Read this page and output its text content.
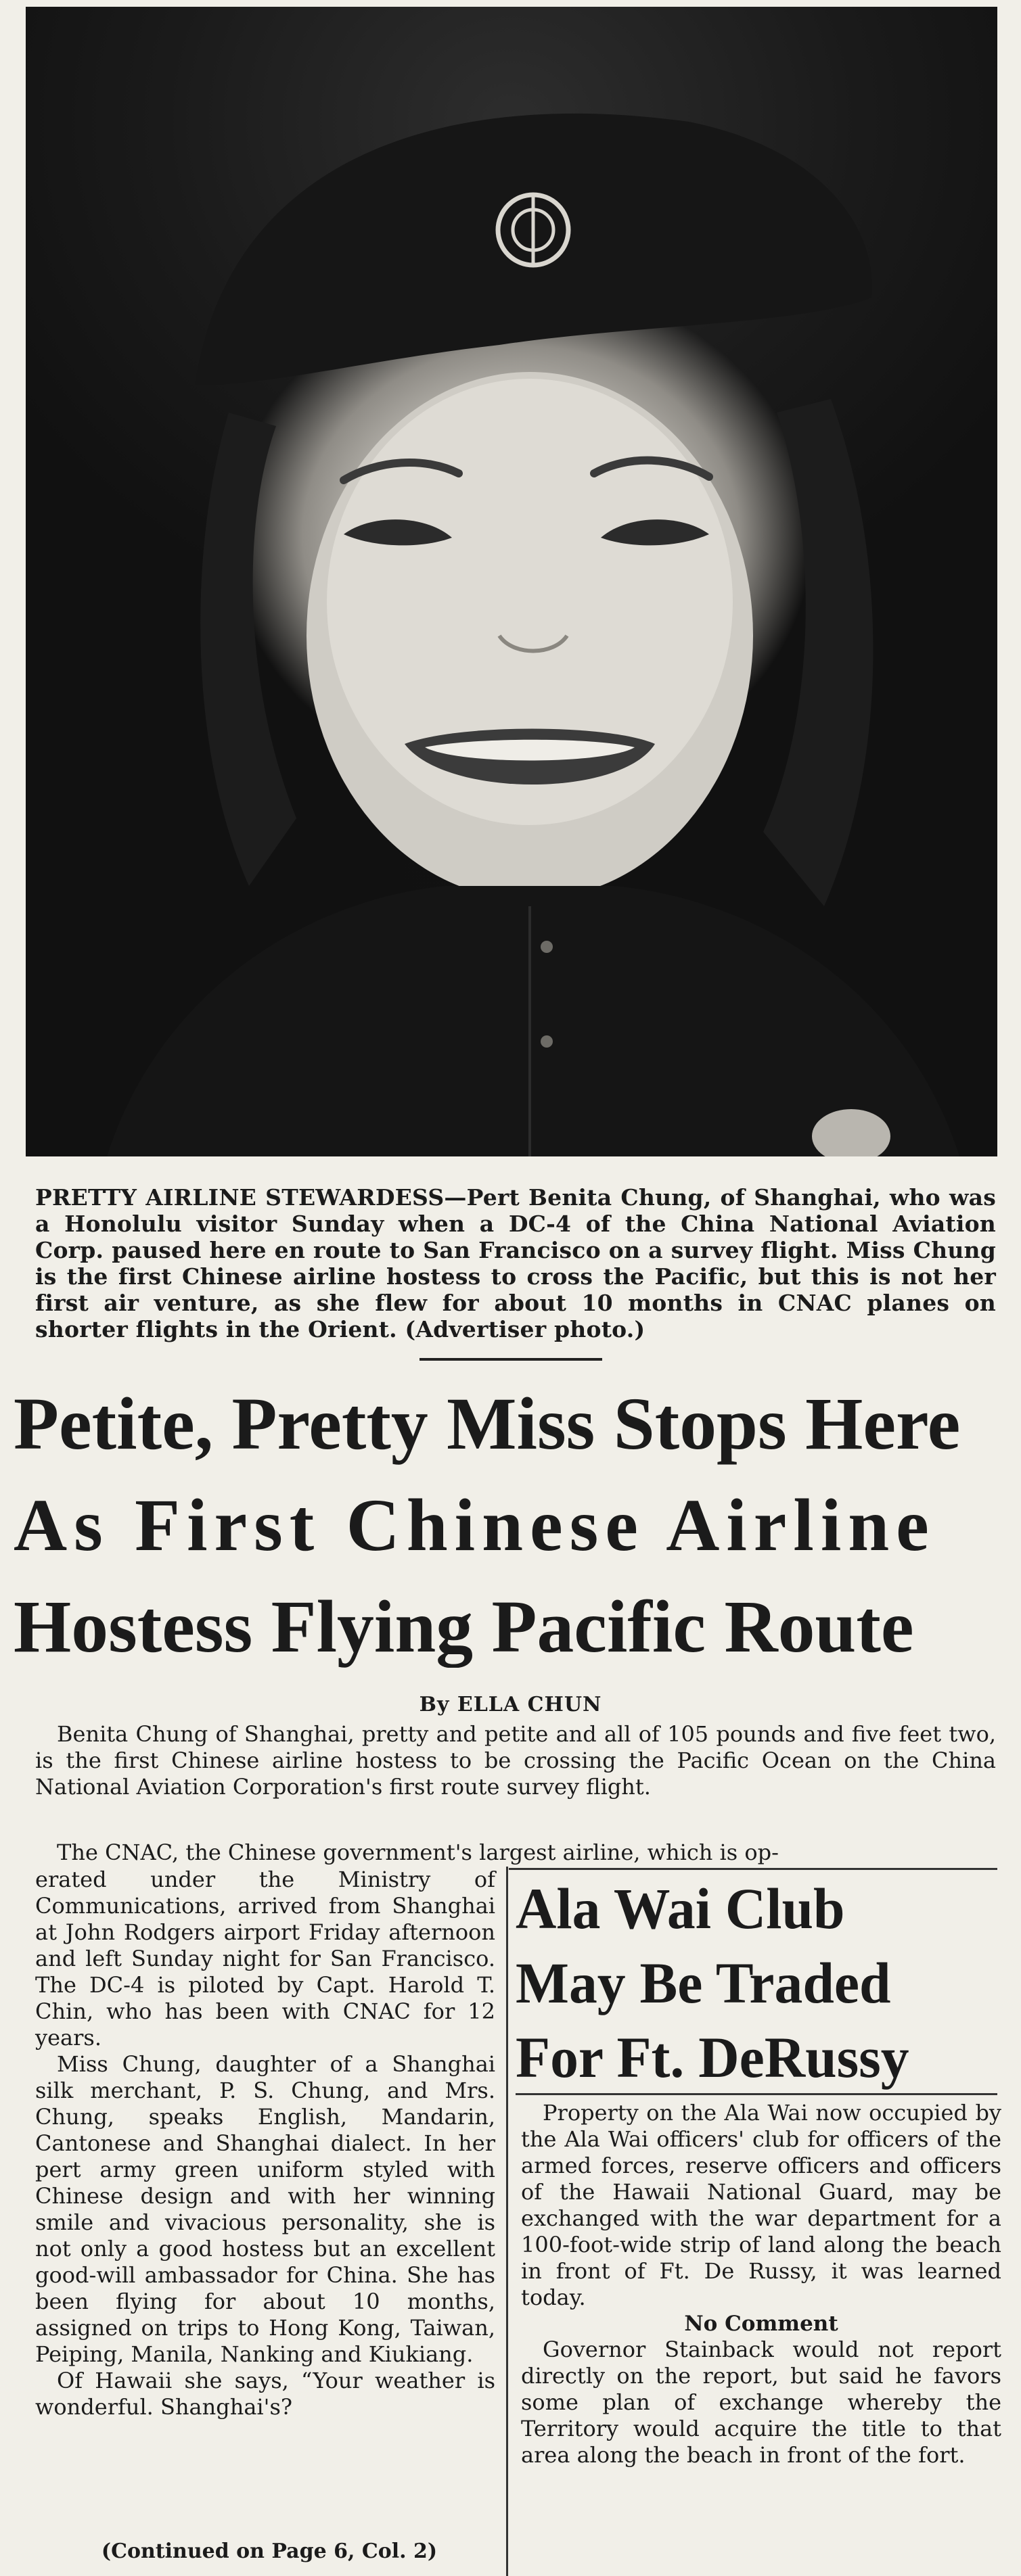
PRETTY AIRLINE STEWARDESS—Pert Benita Chung, of Shanghai, who was a Honolulu visitor Sunday when a DC-4 of the China National Aviation Corp. paused here en route to San Francisco on a survey flight. Miss Chung is the first Chinese airline hostess to cross the Pacific, but this is not her first air venture, as she flew for about 10 months in CNAC planes on shorter flights in the Orient. (Advertiser photo.)

Petite, Pretty Miss Stops Here
As First Chinese Airline
Hostess Flying Pacific Route
By ELLA CHUN

Benita Chung of Shanghai, pretty and petite and all of 105 pounds and five feet two, is the first Chinese airline hostess to be crossing the Pacific Ocean on the China National Aviation Corporation's first route survey flight.

The CNAC, the Chinese government's largest airline, which is op-

erated under the Ministry of Communications, arrived from Shanghai at John Rodgers airport Friday afternoon and left Sunday night for San Francisco. The DC-4 is piloted by Capt. Harold T. Chin, who has been with CNAC for 12 years.

Miss Chung, daughter of a Shanghai silk merchant, P. S. Chung, and Mrs. Chung, speaks English, Mandarin, Cantonese and Shanghai dialect. In her pert army green uniform styled with Chinese design and with her winning smile and vivacious personality, she is not only a good hostess but an excellent good-will ambassador for China. She has been flying for about 10 months, assigned on trips to Hong Kong, Taiwan, Peiping, Manila, Nanking and Kiukiang.

Of Hawaii she says, “Your weather is wonderful. Shanghai's?

(Continued on Page 6, Col. 2)
Ala Wai Club
May Be Traded
For Ft. DeRussy

Property on the Ala Wai now occupied by the Ala Wai officers' club for officers of the armed forces, reserve officers and officers of the Hawaii National Guard, may be exchanged with the war department for a 100-foot-wide strip of land along the beach in front of Ft. De Russy, it was learned today.

No Comment

Governor Stainback would not report directly on the report, but said he favors some plan of exchange whereby the Territory would acquire the title to that area along the beach in front of the fort.
